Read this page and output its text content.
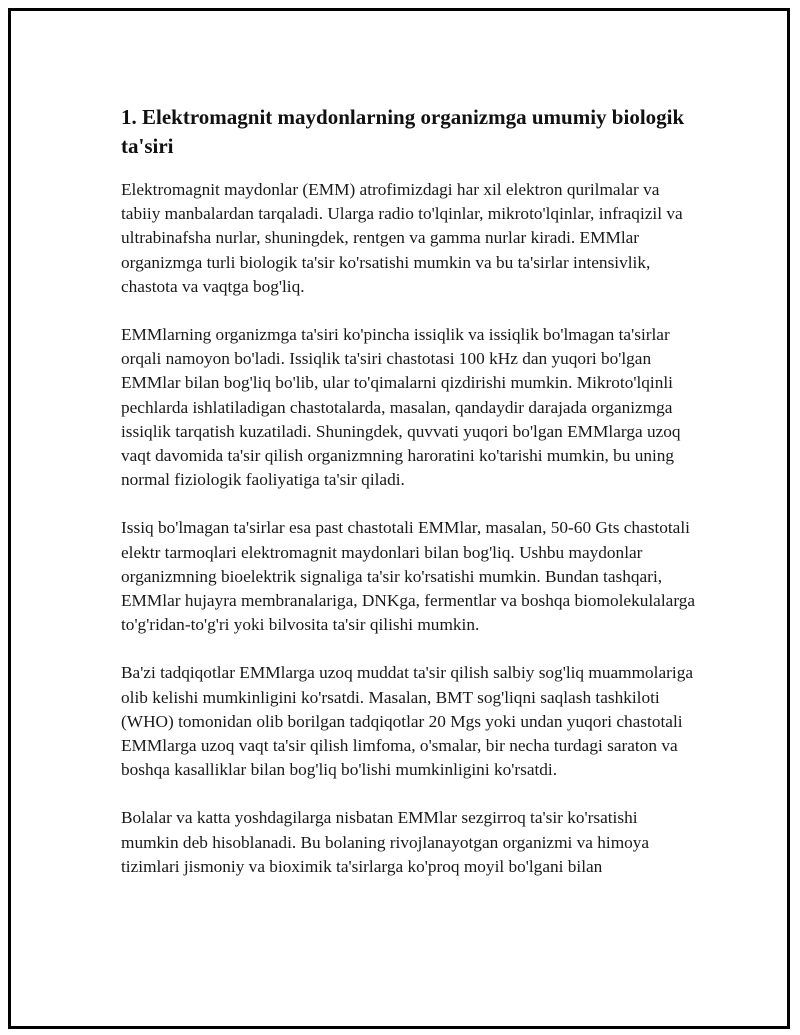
1. Elektromagnit maydonlarning organizmga umumiy biologik ta'siri

Elektromagnit maydonlar (EMM) atrofimizdagi har xil elektron qurilmalar va tabiiy manbalardan tarqaladi. Ularga radio to'lqinlar, mikroto'lqinlar, infraqizil va ultrabinafsha nurlar, shuningdek, rentgen va gamma nurlar kiradi. EMMlar organizmga turli biologik ta'sir ko'rsatishi mumkin va bu ta'sirlar intensivlik, chastota va vaqtga bog'liq.

EMMlarning organizmga ta'siri ko'pincha issiqlik va issiqlik bo'lmagan ta'sirlar orqali namoyon bo'ladi. Issiqlik ta'siri chastotasi 100 kHz dan yuqori bo'lgan EMMlar bilan bog'liq bo'lib, ular to'qimalarni qizdirishi mumkin. Mikroto'lqinli pechlarda ishlatiladigan chastotalarda, masalan, qandaydir darajada organizmga issiqlik tarqatish kuzatiladi. Shuningdek, quvvati yuqori bo'lgan EMMlarga uzoq vaqt davomida ta'sir qilish organizmning haroratini ko'tarishi mumkin, bu uning normal fiziologik faoliyatiga ta'sir qiladi.

Issiq bo'lmagan ta'sirlar esa past chastotali EMMlar, masalan, 50-60 Gts chastotali elektr tarmoqlari elektromagnit maydonlari bilan bog'liq. Ushbu maydonlar organizmning bioelektrik signaliga ta'sir ko'rsatishi mumkin. Bundan tashqari, EMMlar hujayra membranalariga, DNKga, fermentlar va boshqa biomolekulalarga to'g'ridan-to'g'ri yoki bilvosita ta'sir qilishi mumkin.

Ba'zi tadqiqotlar EMMlarga uzoq muddat ta'sir qilish salbiy sog'liq muammolariga olib kelishi mumkinligini ko'rsatdi. Masalan, BMT sog'liqni saqlash tashkiloti (WHO) tomonidan olib borilgan tadqiqotlar 20 Mgs yoki undan yuqori chastotali EMMlarga uzoq vaqt ta'sir qilish limfoma, o'smalar, bir necha turdagi saraton va boshqa kasalliklar bilan bog'liq bo'lishi mumkinligini ko'rsatdi.

Bolalar va katta yoshdagilarga nisbatan EMMlar sezgirroq ta'sir ko'rsatishi mumkin deb hisoblanadi. Bu bolaning rivojlanayotgan organizmi va himoya tizimlari jismoniy va bioximik ta'sirlarga ko'proq moyil bo'lgani bilan
